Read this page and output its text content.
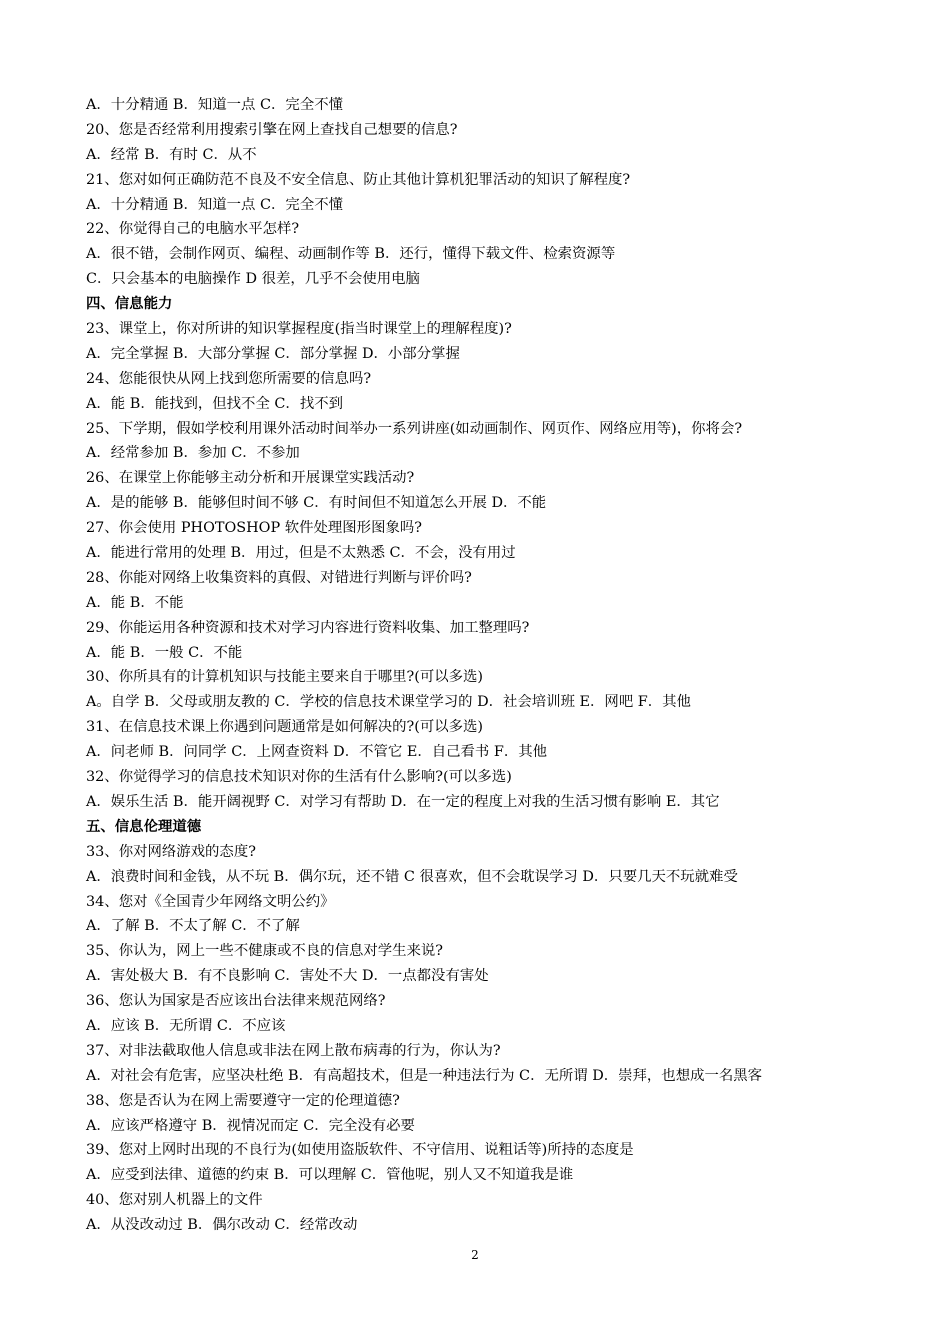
A．十分精通 B．知道一点 C．完全不懂
20、您是否经常利用搜索引擎在网上查找自己想要的信息?
A．经常 B．有时 C．从不
21、您对如何正确防范不良及不安全信息、防止其他计算机犯罪活动的知识了解程度?
A．十分精通 B．知道一点 C．完全不懂
22、你觉得自己的电脑水平怎样?
A．很不错，会制作网页、编程、动画制作等 B．还行，懂得下载文件、检索资源等
C．只会基本的电脑操作 D 很差，几乎不会使用电脑
四、信息能力
23、课堂上，你对所讲的知识掌握程度(指当时课堂上的理解程度)?
A．完全掌握 B．大部分掌握 C．部分掌握 D．小部分掌握
24、您能很快从网上找到您所需要的信息吗?
A．能 B．能找到，但找不全 C．找不到
25、下学期，假如学校利用课外活动时间举办一系列讲座(如动画制作、网页作、网络应用等)，你将会?
A．经常参加 B．参加 C．不参加
26、在课堂上你能够主动分析和开展课堂实践活动?
A．是的能够 B．能够但时间不够 C．有时间但不知道怎么开展 D．不能
27、你会使用 PHOTOSHOP 软件处理图形图象吗?
A．能进行常用的处理 B．用过，但是不太熟悉 C．不会，没有用过
28、你能对网络上收集资料的真假、对错进行判断与评价吗?
A．能 B．不能
29、你能运用各种资源和技术对学习内容进行资料收集、加工整理吗?
A．能 B．一般 C．不能
30、你所具有的计算机知识与技能主要来自于哪里?(可以多选)
A。自学 B．父母或朋友教的 C．学校的信息技术课堂学习的 D．社会培训班 E．网吧 F．其他
31、在信息技术课上你遇到问题通常是如何解决的?(可以多选)
A．问老师 B．问同学 C．上网查资料 D．不管它 E．自己看书 F．其他
32、你觉得学习的信息技术知识对你的生活有什么影响?(可以多选)
A．娱乐生活 B．能开阔视野 C．对学习有帮助 D．在一定的程度上对我的生活习惯有影响 E．其它
五、信息伦理道德
33、你对网络游戏的态度?
A．浪费时间和金钱，从不玩 B．偶尔玩，还不错 C 很喜欢，但不会耽误学习 D．只要几天不玩就难受
34、您对《全国青少年网络文明公约》
A．了解 B．不太了解 C．不了解
35、你认为，网上一些不健康或不良的信息对学生来说?
A．害处极大 B．有不良影响 C．害处不大 D．一点都没有害处
36、您认为国家是否应该出台法律来规范网络?
A．应该 B．无所谓 C．不应该
37、对非法截取他人信息或非法在网上散布病毒的行为，你认为?
A．对社会有危害，应坚决杜绝 B．有高超技术，但是一种违法行为 C．无所谓 D．崇拜，也想成一名黑客
38、您是否认为在网上需要遵守一定的伦理道德?
A．应该严格遵守 B．视情况而定 C．完全没有必要
39、您对上网时出现的不良行为(如使用盗版软件、不守信用、说粗话等)所持的态度是
A．应受到法律、道德的约束 B．可以理解 C．管他呢，别人又不知道我是谁
40、您对别人机器上的文件
A．从没改动过 B．偶尔改动 C．经常改动
2
